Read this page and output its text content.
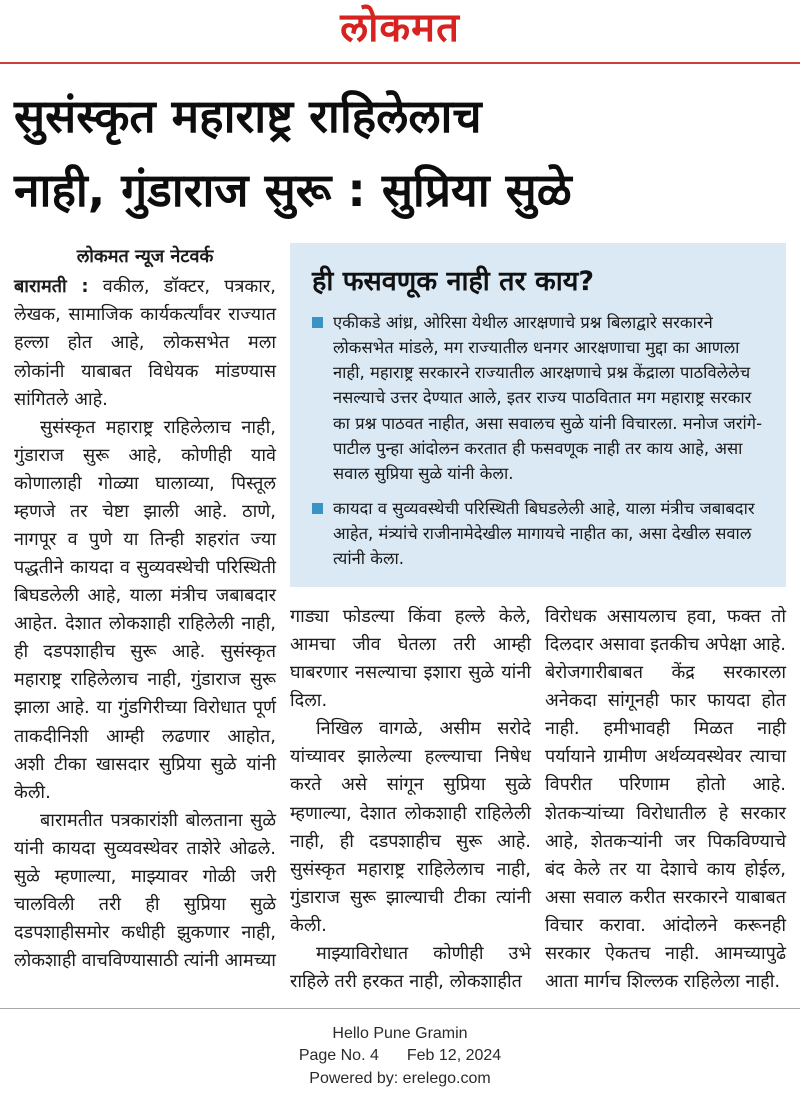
लोकमत
सुसंस्कृत महाराष्ट्र राहिलेलाच
नाही, गुंडाराज सुरू : सुप्रिया सुळे

लोकमत न्यूज नेटवर्क

बारामती : वकील, डॉक्टर, पत्रकार, लेखक, सामाजिक कार्यकर्त्यांवर राज्यात हल्ला होत आहे, लोकसभेत मला लोकांनी याबाबत विधेयक मांडण्यास सांगितले आहे.

सुसंस्कृत महाराष्ट्र राहिलेलाच नाही, गुंडाराज सुरू आहे, कोणीही यावे कोणालाही गोळ्या घालाव्या, पिस्तूल म्हणजे तर चेष्टा झाली आहे. ठाणे, नागपूर व पुणे या तिन्ही शहरांत ज्या पद्धतीने कायदा व सुव्यवस्थेची परिस्थिती बिघडलेली आहे, याला मंत्रीच जबाबदार आहेत. देशात लोकशाही राहिलेली नाही, ही दडपशाहीच सुरू आहे. सुसंस्कृत महाराष्ट्र राहिलेलाच नाही, गुंडाराज सुरू झाला आहे. या गुंडगिरीच्या विरोधात पूर्ण ताकदीनिशी आम्ही लढणार आहोत, अशी टीका खासदार सुप्रिया सुळे यांनी केली.

बारामतीत पत्रकारांशी बोलताना सुळे यांनी कायदा सुव्यवस्थेवर ताशेरे ओढले. सुळे म्हणाल्या, माझ्यावर गोळी जरी चालविली तरी ही सुप्रिया सुळे दडपशाहीसमोर कधीही झुकणार नाही, लोकशाही वाचविण्यासाठी त्यांनी आमच्या

ही फसवणूक नाही तर काय?
एकीकडे आंध्र, ओरिसा येथील आरक्षणाचे प्रश्न बिलाद्वारे सरकारने लोकसभेत मांडले, मग राज्यातील धनगर आरक्षणाचा मुद्दा का आणला नाही, महाराष्ट्र सरकारने राज्यातील आरक्षणाचे प्रश्न केंद्राला पाठविलेलेच नसल्याचे उत्तर देण्यात आले, इतर राज्य पाठवितात मग महाराष्ट्र सरकार का प्रश्न पाठवत नाहीत, असा सवालच सुळे यांनी विचारला. मनोज जरांगे-पाटील पुन्हा आंदोलन करतात ही फसवणूक नाही तर काय आहे, असा सवाल सुप्रिया सुळे यांनी केला.
कायदा व सुव्यवस्थेची परिस्थिती बिघडलेली आहे, याला मंत्रीच जबाबदार आहेत, मंत्र्यांचे राजीनामेदेखील मागायचे नाहीत का, असा देखील सवाल त्यांनी केला.

गाड्या फोडल्या किंवा हल्ले केले, आमचा जीव घेतला तरी आम्ही घाबरणार नसल्याचा इशारा सुळे यांनी दिला.

निखिल वागळे, असीम सरोदे यांच्यावर झालेल्या हल्ल्याचा निषेध करते असे सांगून सुप्रिया सुळे म्हणाल्या, देशात लोकशाही राहिलेली नाही, ही दडपशाहीच सुरू आहे. सुसंस्कृत महाराष्ट्र राहिलेलाच नाही, गुंडाराज सुरू झाल्याची टीका त्यांनी केली.

माझ्याविरोधात कोणीही उभे राहिले तरी हरकत नाही, लोकशाहीत

विरोधक असायलाच हवा, फक्त तो दिलदार असावा इतकीच अपेक्षा आहे. बेरोजगारीबाबत केंद्र सरकारला अनेकदा सांगूनही फार फायदा होत नाही. हमीभावही मिळत नाही पर्यायाने ग्रामीण अर्थव्यवस्थेवर त्याचा विपरीत परिणाम होतो आहे. शेतकऱ्यांच्या विरोधातील हे सरकार आहे, शेतकऱ्यांनी जर पिकविण्याचे बंद केले तर या देशाचे काय होईल, असा सवाल करीत सरकारने याबाबत विचार करावा. आंदोलने करूनही सरकार ऐकतच नाही. आमच्यापुढे आता मार्गच शिल्लक राहिलेला नाही.

Hello Pune Gramin
Page No. 4 Feb 12, 2024
Powered by: erelego.com
